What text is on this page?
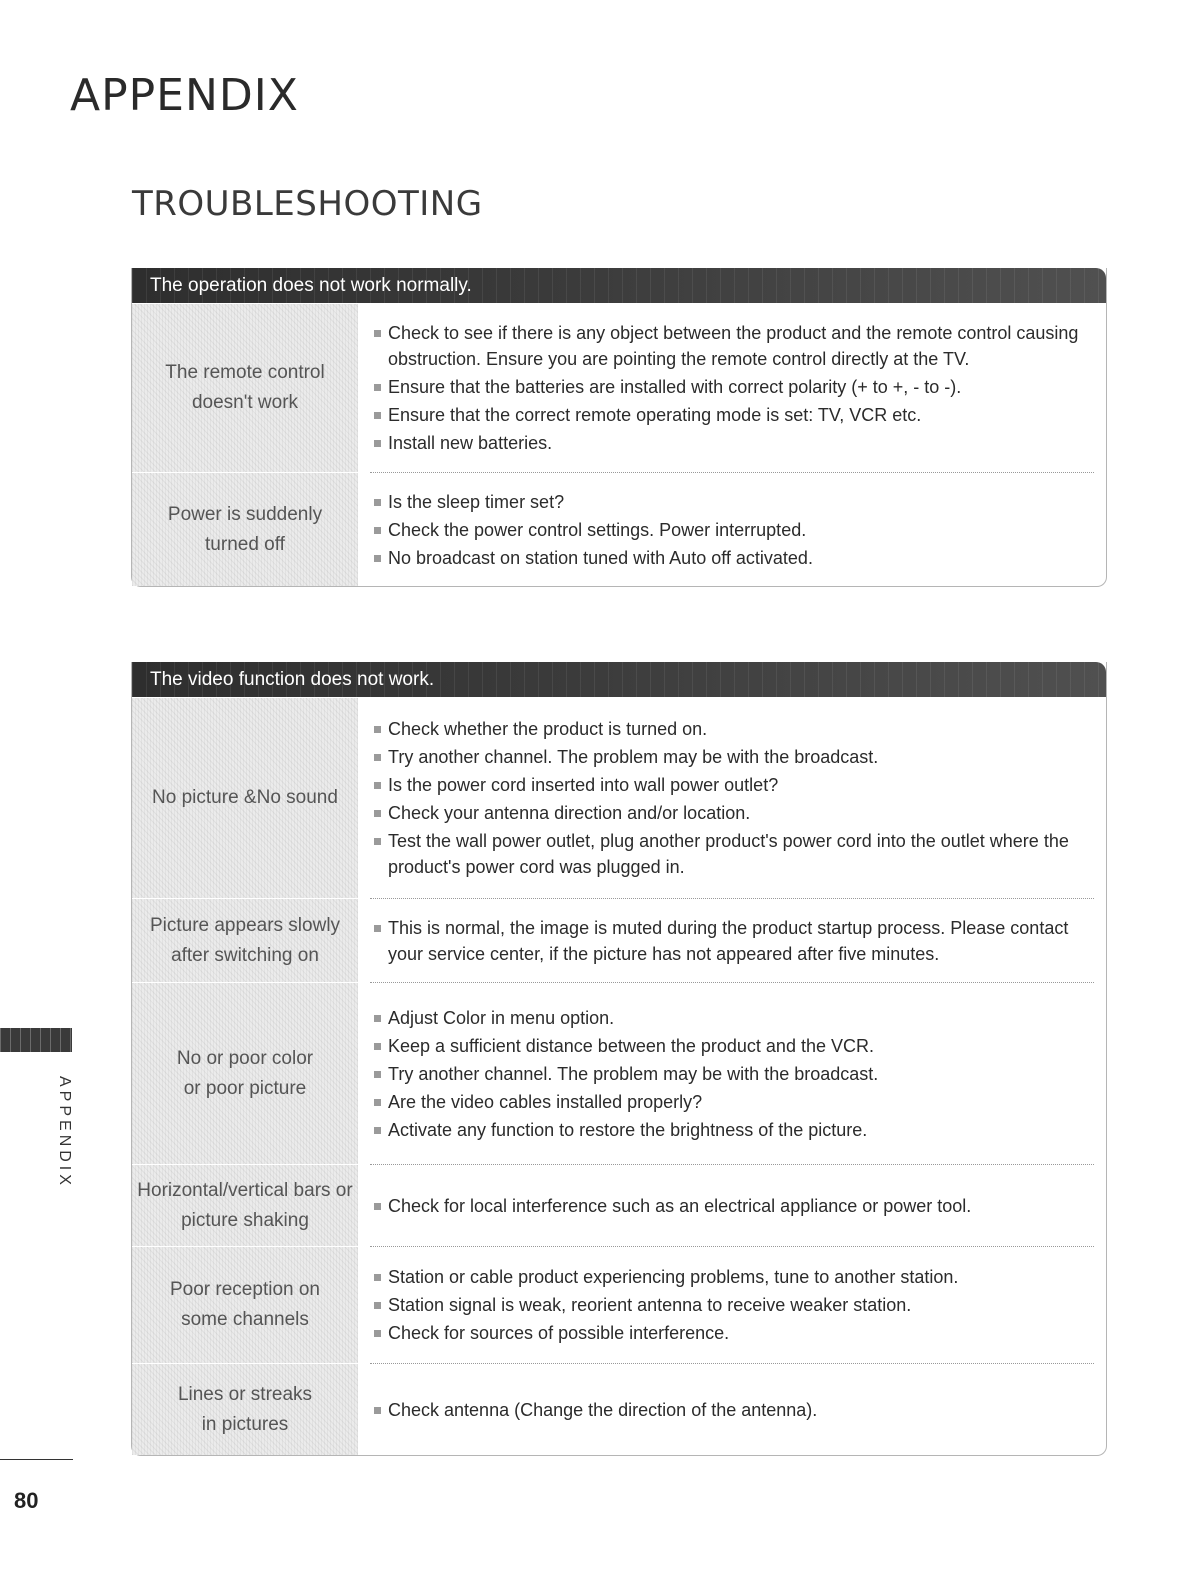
APPENDIX
TROUBLESHOOTING
The operation does not work normally.
The remote control doesn't work
Check to see if there is any object between the product and the remote control causing obstruction. Ensure you are pointing the remote control directly at the TV.
Ensure that the batteries are installed with correct polarity (+ to +, - to -).
Ensure that the correct remote operating mode is set: TV, VCR etc.
Install new batteries.
Power is suddenly turned off
Is the sleep timer set?
Check the power control settings. Power interrupted.
No broadcast on station tuned with Auto off activated.
The video function does not work.
No picture &No sound
Check whether the product is turned on.
Try another channel. The problem may be with the broadcast.
Is the power cord inserted into wall power outlet?
Check your antenna direction and/or location.
Test the wall power outlet, plug another product's power cord into the outlet where the product's power cord was plugged in.
Picture appears slowly after switching on
This is normal, the image is muted during the product startup process. Please contact your service center, if the picture has not appeared after five minutes.
No or poor color or poor picture
Adjust Color in menu option.
Keep a sufficient distance between the product and the VCR.
Try another channel. The problem may be with the broadcast.
Are the video cables installed properly?
Activate any function to restore the brightness of the picture.
Horizontal/vertical bars or picture shaking
Check for local interference such as an electrical appliance or power tool.
Poor reception on some channels
Station or cable product experiencing problems, tune to another station.
Station signal is weak, reorient antenna to receive weaker station.
Check for sources of possible interference.
Lines or streaks in pictures
Check antenna (Change the direction of the antenna).
APPENDIX
80
